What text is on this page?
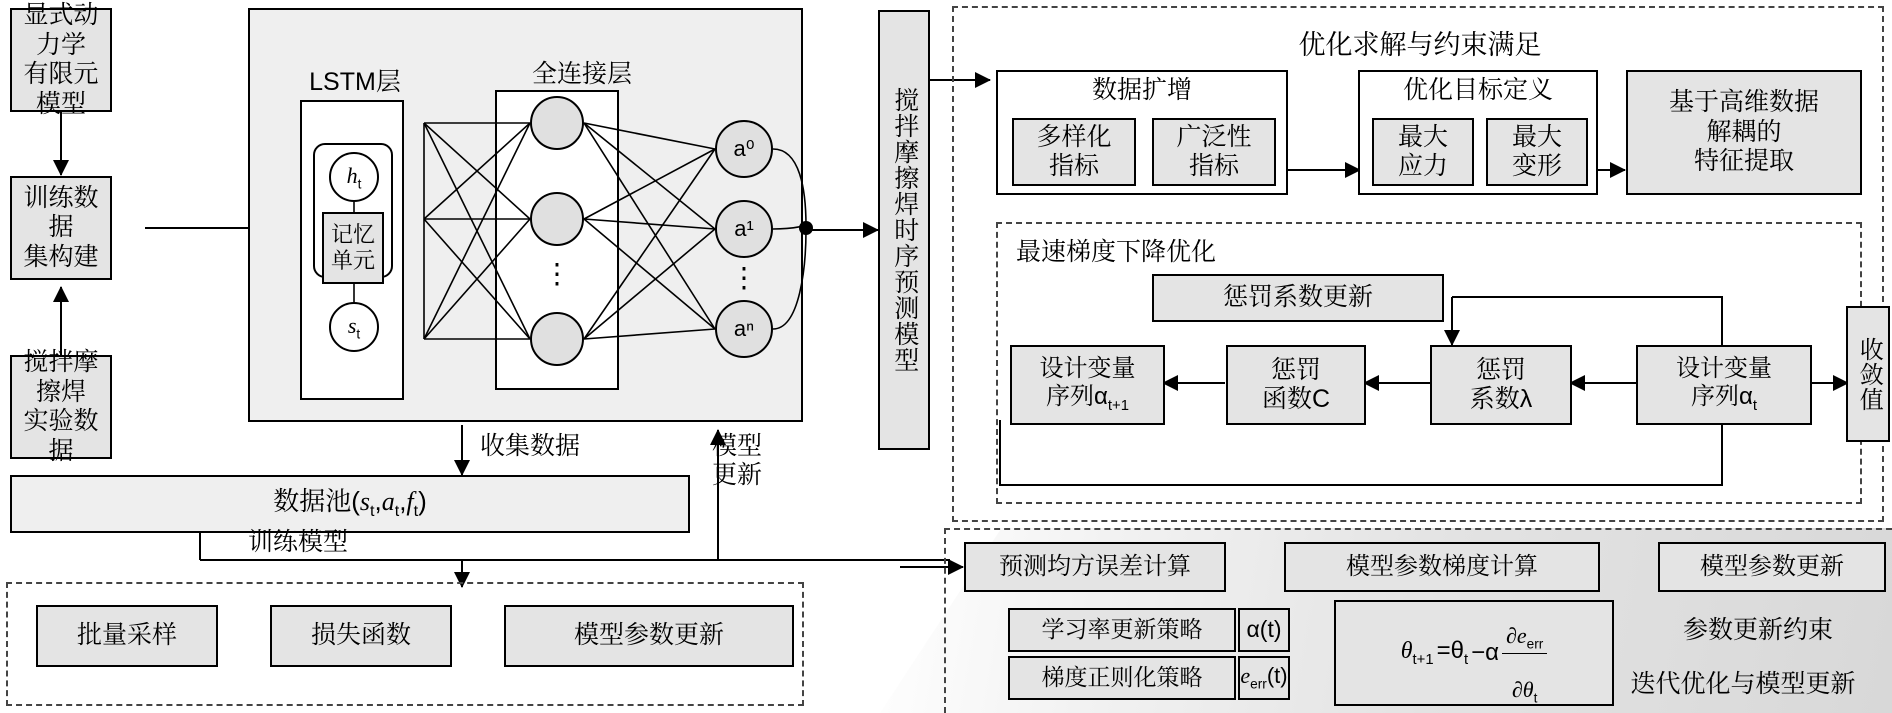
显式动力学
有限元模型
训练数据
集构建
搅拌摩擦焊
实验数据
LSTM层	全连接层
$h_t$
记忆
单元
$s_t$
⋮
a⁰
a¹
aⁿ
⋮	搅拌摩擦焊时序预测模型
优化求解与约束满足
数据扩增
多样化
指标
广泛性
指标
优化目标定义
最大
应力
最大
变形
基于高维数据
解耦的
特征提取
最速梯度下降优化
惩罚系数更新
设计变量
序列$\alpha_{t+1}$
惩罚
函数C
惩罚
系数λ
设计变量
序列$\alpha_t$	收敛值
数据池$(s_t,a_t,f_t)$
收集数据
训练模型
模型
更新
批量采样	损失函数	模型参数更新
预测均方误差计算	模型参数梯度计算	模型参数更新
学习率更新策略	α(t)
梯度正则化策略	$e_{err}(t)$
$\theta_{t+1} =\theta_t -\alpha$

$\partial e_{err}$

$\partial\theta_t$

参数更新约束
迭代优化与模型更新
